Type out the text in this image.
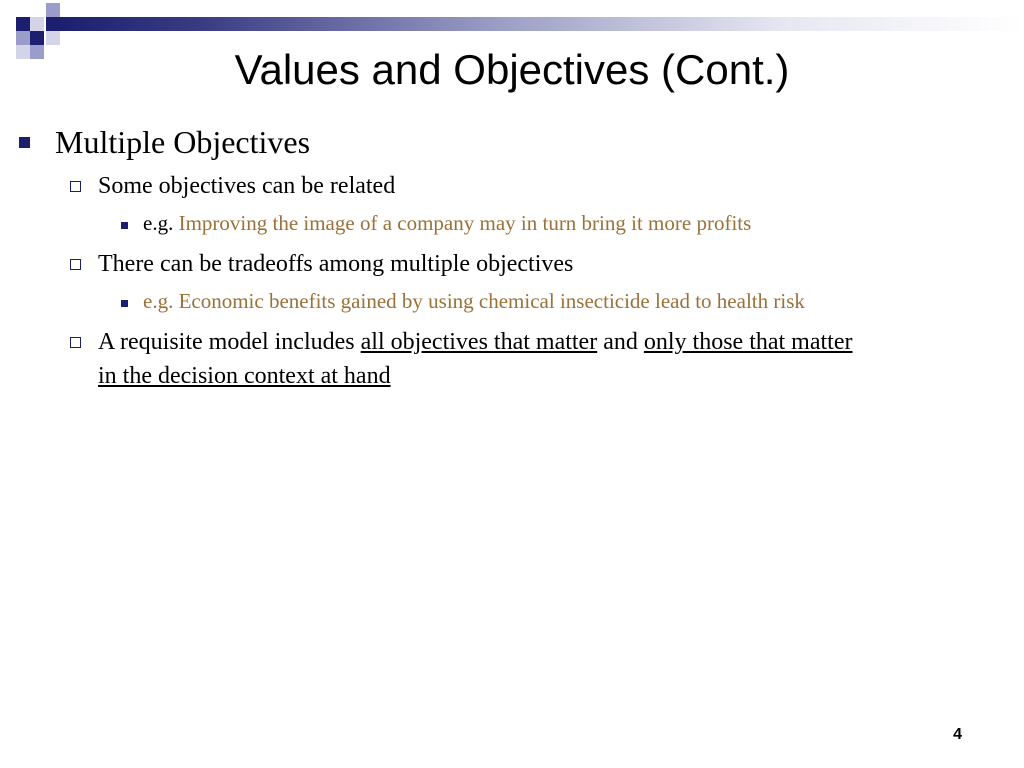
Values and Objectives (Cont.)
Multiple Objectives
Some objectives can be related
e.g. Improving the image of a company may in turn bring it more profits
There can be tradeoffs among multiple objectives
e.g. Economic benefits gained by using chemical insecticide lead to health risk
A requisite model includes all objectives that matter and only those that matter
in the decision context at hand
4
